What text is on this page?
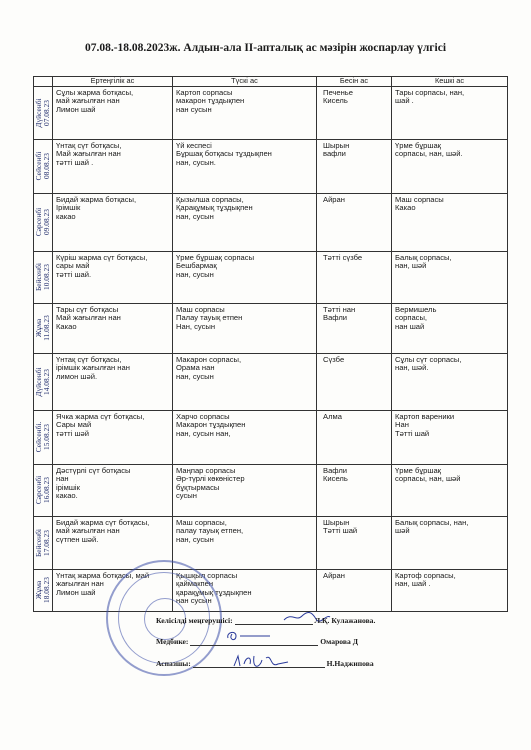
07.08.-18.08.2023ж. Алдын-ала ІІ-апталық ас мәзірін жоспарлау үлгісі
	Ертеңгілік ас	Түскі ас	Бесін ас	Кешкі ас

Дүйсенбі
07.08.23	Сұлы жарма ботқасы,
май жағылған нан
Лимон шай	Картоп сорпасы
макарон тұздықпен
нан сусын	Печенье
Кисель	Тары сорпасы, нан,
шай .

Сейсенбі
08.08.23	Үнтақ сүт ботқасы,
Май жағылған нан
тәтті шай .	Үй кеспесі
Бұршақ ботқасы тұздықпен
нан, сусын.	Шырын
вафли	Үрме бұршақ
сорпасы, нан, шәй.

Сәрсенбі
09.08.23	Бидай жарма ботқасы,
Ірімшік
какао	Қызылша сорпасы,
Қарақұмық тұздықпен
нан, сусын	Айран	Маш сорпасы
Какао

Бейсенбі
10.08.23	Күріш жарма сүт ботқасы,
сары май
тәтті шай.	Үрме бұршақ сорпасы
Бешбармақ
нан, сусын	Тәтті сүзбе	Балық сорпасы,
нан, шәй

Жұма
11.08.23	Тары сүт ботқасы
Май жағылған нан
Какао	Маш сорпасы
Палау тауық етпен
Нан, сусын	Тәтті нан
Вафли	Вермишель
сорпасы,
нан шай

Дүйсенбі
14.08.23	Үнтақ сүт ботқасы,
ірімшік жағылған нан
лимон шәй.	Макарон сорпасы,
Орама нан
нан, сусын	Сүзбе	Сұлы сүт сорпасы,
нан, шәй.

Сейсенбі.
15.08.23	Ячка жарма сүт ботқасы,
Сары май
тәтті шәй	Харчо сорпасы
Макарон тұздықпен
нан, сусын нан,	Алма	Картоп вареники
Нан
Тәтті шай

Сәрсенбі
16.08.23	Дәстүрлі сүт ботқасы
нан
ірімшік
какао.	Маңпар сорпасы
Әр-түрлі көкөністер
бұқтырмасы
сусын	Вафли
Кисель	Үрме бұршақ
сорпасы, нан, шәй

Бейсенбі
17.08.23	Бидай жарма сүт ботқасы,
май жағылған нан
сүтпен шәй.	Маш сорпасы,
палау тауық етпен,
нан, сусын	Шырын
Тәтті шай	Балық сорпасы, нан,
шәй

Жұма
18.08.23	Үнтақ жарма ботқасы, май
жағылған нан
Лимон шай	Қышқыл сорпасы
қаймакпен
қарақұмық тұздықпен
нан сусын	Айран	Картоф сорпасы,
нан, шай .
Келісілді меңгерушісі:	Л.Қ. Кулажанова.
Медбике:	Омарова Д
Аспазшы:	Н.Наджипова
